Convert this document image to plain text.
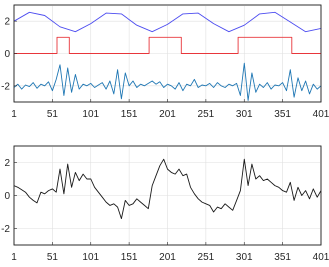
1	51 101 151 201 251 301 351 401
-2
0
2
1	51 101 151 201 251 301 351 401
-2
0
2
